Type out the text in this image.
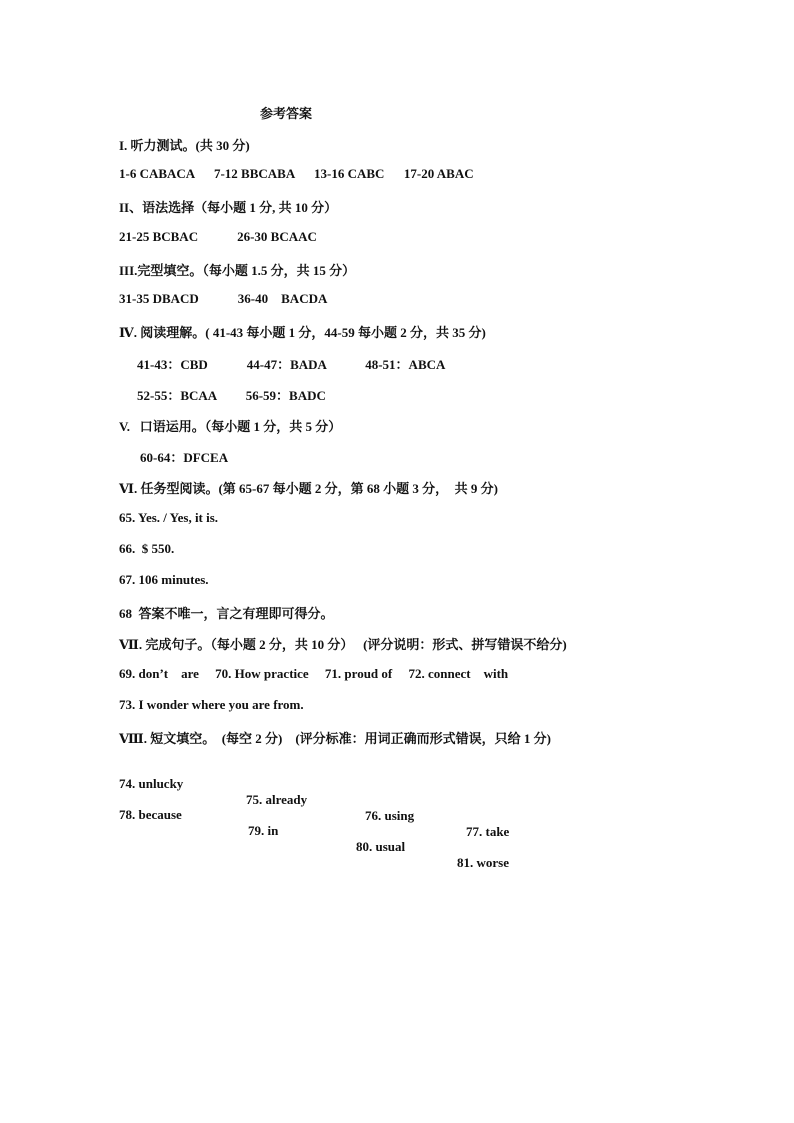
参考答案
I. 听力测试。(共 30 分)
1-6 CABACA      7-12 BBCABA      13-16 CABC      17-20 ABAC
II、语法选择（每小题 1 分, 共 10 分）
21-25 BCBAC            26-30 BCAAC
III.完型填空。（每小题 1.5 分，共 15 分）
31-35 DBACD            36-40    BACDA
Ⅳ. 阅读理解。( 41-43 每小题 1 分，44-59 每小题 2 分，共 35 分)
41-43：CBD            44-47：BADA            48-51：ABCA
52-55：BCAA         56-59：BADC
V.   口语运用。（每小题 1 分，共 5 分）
60-64：DFCEA
Ⅵ. 任务型阅读。(第 65-67 每小题 2 分，第 68 小题 3 分，  共 9 分)
65. Yes. / Yes, it is.
66.  $ 550.
67. 106 minutes.
68  答案不唯一，言之有理即可得分。
Ⅶ. 完成句子。（每小题 2 分，共 10 分）   (评分说明：形式、拼写错误不给分)
69. don’t    are     70. How practice     71. proud of     72. connect    with
73. I wonder where you are from.
Ⅷ. 短文填空。  (每空 2 分)    (评分标准：用词正确而形式错误，只给 1 分)

74. unlucky

75. already

76. using

77. take

78. because

79. in

80. usual

81. worse
